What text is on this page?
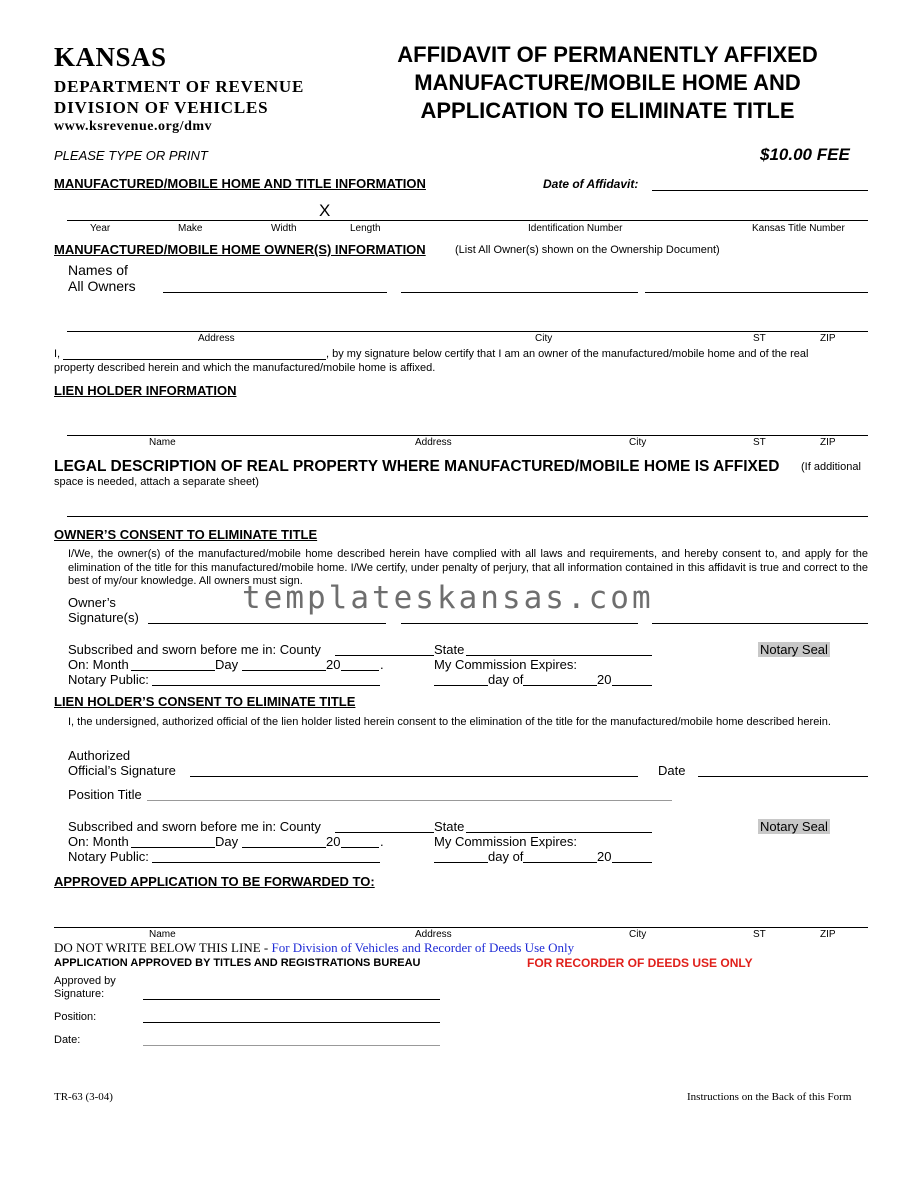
KANSAS
DEPARTMENT OF REVENUE
DIVISION OF VEHICLES
www.ksrevenue.org/dmv
AFFIDAVIT OF PERMANENTLY AFFIXED
MANUFACTURE/MOBILE HOME AND
APPLICATION TO ELIMINATE TITLE
PLEASE TYPE OR PRINT	$10.00 FEE
MANUFACTURED/MOBILE HOME AND TITLE INFORMATION	Date of Affidavit:
X
Year	Make	Width	Length	Identification Number	Kansas Title Number
MANUFACTURED/MOBILE HOME OWNER(S) INFORMATION	(List All Owner(s) shown on the Ownership Document)
Names of
All Owners
Address	City	ST	ZIP
I,	, by my signature below certify that I am an owner of the manufactured/mobile home and of the real
property described herein and which the manufactured/mobile home is affixed.
LIEN HOLDER INFORMATION
Name	Address	City	ST	ZIP
LEGAL DESCRIPTION OF REAL PROPERTY WHERE MANUFACTURED/MOBILE HOME IS AFFIXED (If additional
space is needed, attach a separate sheet)
OWNER’S CONSENT TO ELIMINATE TITLE
I/We, the owner(s) of the manufactured/mobile home described herein have complied with all laws and requirements, and hereby consent to, and apply for the elimination of the title for this manufactured/mobile home. I/We certify, under penalty of perjury, that all information contained in this affidavit is true and correct to the best of my/our knowledge. All owners must sign.
templateskansas.com
Owner’s
Signature(s)
Subscribed and sworn before me in: County	State	Notary Seal
On: Month	Day	20	.	My Commission Expires:
Notary Public:	day of	20
LIEN HOLDER’S CONSENT TO ELIMINATE TITLE
I, the undersigned, authorized official of the lien holder listed herein consent to the elimination of the title for the manufactured/mobile home described herein.
Authorized
Official’s Signature	Date
Position Title
Subscribed and sworn before me in: County	State	Notary Seal
On: Month	Day	20	.	My Commission Expires:
Notary Public:	day of	20
APPROVED APPLICATION TO BE FORWARDED TO:
Name	Address	City	ST	ZIP
DO NOT WRITE BELOW THIS LINE - For Division of Vehicles and Recorder of Deeds Use Only
APPLICATION APPROVED BY TITLES AND REGISTRATIONS BUREAU	FOR RECORDER OF DEEDS USE ONLY
Approved by
Signature:
Position:
Date:
TR-63 (3-04)	Instructions on the Back of this Form
